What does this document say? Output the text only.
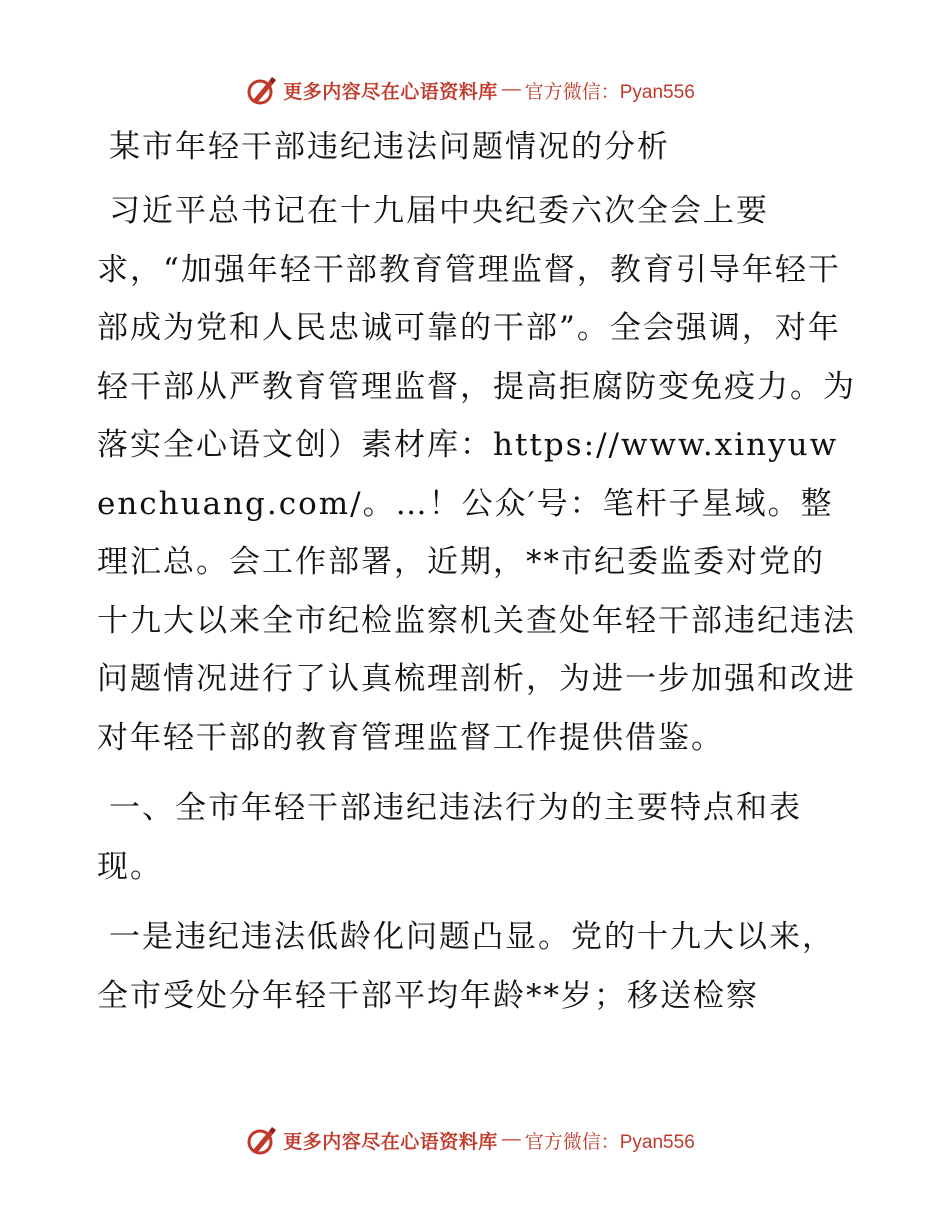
更多内容尽在心语资料库 — 官方微信：Pyan556
某市年轻干部违纪违法问题情况的分析

习近平总书记在十九届中央纪委六次全会上要求，“加强年轻干部教育管理监督，教育引导年轻干部成为党和人民忠诚可靠的干部”。全会强调，对年轻干部从严教育管理监督，提高拒腐防变免疫力。为落实全心语文创）素材库：https://www.xinyuwenchuang.com/。…！公众′号：笔杆子星域。整理汇总。会工作部署，近期，**市纪委监委对党的十九大以来全市纪检监察机关查处年轻干部违纪违法问题情况进行了认真梳理剖析，为进一步加强和改进对年轻干部的教育管理监督工作提供借鉴。

一、全市年轻干部违纪违法行为的主要特点和表现。

一是违纪违法低龄化问题凸显。党的十九大以来，全市受处分年轻干部平均年龄**岁；移送检察

更多内容尽在心语资料库 — 官方微信：Pyan556
